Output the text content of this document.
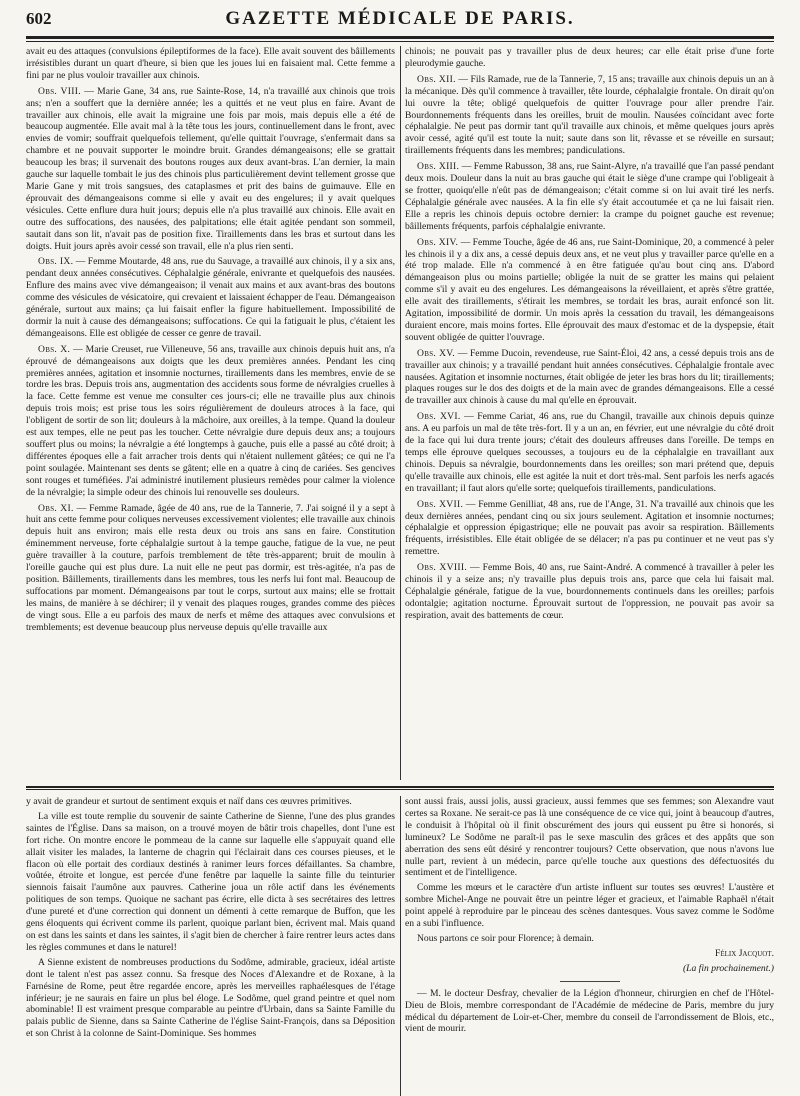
602	GAZETTE MÉDICALE DE PARIS.

avait eu des attaques (convulsions épileptiformes de la face). Elle avait souvent des bâillements irrésistibles durant un quart d'heure, si bien que les joues lui en faisaient mal. Cette femme a fini par ne plus vouloir travailler aux chinois.

Obs. VIII. — Marie Gane, 34 ans, rue Sainte-Rose, 14, n'a travaillé aux chinois que trois ans; n'en a souffert que la dernière année; les a quittés et ne veut plus en faire. Avant de travailler aux chinois, elle avait la migraine une fois par mois, mais depuis elle a été de beaucoup augmentée. Elle avait mal à la tête tous les jours, continuellement dans le front, avec envies de vomir; souffrait quelquefois tellement, qu'elle quittait l'ouvrage, s'enfermait dans sa chambre et ne pouvait supporter le moindre bruit. Grandes démangeaisons; elle se grattait beaucoup les bras; il survenait des boutons rouges aux deux avant-bras. L'an dernier, la main gauche sur laquelle tombait le jus des chinois plus particulièrement devint tellement grosse que Marie Gane y mit trois sangsues, des cataplasmes et prit des bains de guimauve. Elle en éprouvait des démangeaisons comme si elle y avait eu des engelures; il y avait quelques vésicules. Cette enflure dura huit jours; depuis elle n'a plus travaillé aux chinois. Elle avait en outre des suffocations, des nausées, des palpitations; elle était agitée pendant son sommeil, sautait dans son lit, n'avait pas de position fixe. Tiraillements dans les bras et surtout dans les doigts. Huit jours après avoir cessé son travail, elle n'a plus rien senti.

Obs. IX. — Femme Moutarde, 48 ans, rue du Sauvage, a travaillé aux chinois, il y a six ans, pendant deux années consécutives. Céphalalgie générale, enivrante et quelquefois des nausées. Enflure des mains avec vive démangeaison; il venait aux mains et aux avant-bras des boutons comme des vésicules de vésicatoire, qui crevaient et laissaient échapper de l'eau. Démangeaison générale, surtout aux mains; ça lui faisait enfler la figure habituellement. Impossibilité de dormir la nuit à cause des démangeaisons; suffocations. Ce qui la fatiguait le plus, c'étaient les démangeaisons. Elle est obligée de cesser ce genre de travail.

Obs. X. — Marie Creuset, rue Villeneuve, 56 ans, travaille aux chinois depuis huit ans, n'a éprouvé de démangeaisons aux doigts que les deux premières années. Pendant les cinq premières années, agitation et insomnie nocturnes, tiraillements dans les membres, envie de se tordre les bras. Depuis trois ans, augmentation des accidents sous forme de névralgies cruelles à la face. Cette femme est venue me consulter ces jours-ci; elle ne travaille plus aux chinois depuis trois mois; est prise tous les soirs régulièrement de douleurs atroces à la face, qui l'obligent de sortir de son lit; douleurs à la mâchoire, aux oreilles, à la tempe. Quand la douleur est aux tempes, elle ne peut pas les toucher. Cette névralgie dure depuis deux ans; a toujours souffert plus ou moins; la névralgie a été longtemps à gauche, puis elle a passé au côté droit; à différentes époques elle a fait arracher trois dents qui n'étaient nullement gâtées; ce qui ne l'a point soulagée. Maintenant ses dents se gâtent; elle en a quatre à cinq de cariées. Ses gencives sont rouges et tuméfiées. J'ai administré inutilement plusieurs remèdes pour calmer la violence de la névralgie; la simple odeur des chinois lui renouvelle ses douleurs.

Obs. XI. — Femme Ramade, âgée de 40 ans, rue de la Tannerie, 7. J'ai soigné il y a sept à huit ans cette femme pour coliques nerveuses excessivement violentes; elle travaille aux chinois depuis huit ans environ; mais elle resta deux ou trois ans sans en faire. Constitution éminemment nerveuse, forte céphalalgie surtout à la tempe gauche, fatigue de la vue, ne peut guère travailler à la couture, parfois tremblement de tête très-apparent; bruit de moulin à l'oreille gauche qui est plus dure. La nuit elle ne peut pas dormir, est très-agitée, n'a pas de position. Bâillements, tiraillements dans les membres, tous les nerfs lui font mal. Beaucoup de suffocations par moment. Démangeaisons par tout le corps, surtout aux mains; elle se frottait les mains, de manière à se déchirer; il y venait des plaques rouges, grandes comme des pièces de vingt sous. Elle a eu parfois des maux de nerfs et même des attaques avec convulsions et tremblements; est devenue beaucoup plus nerveuse depuis qu'elle travaille aux

chinois; ne pouvait pas y travailler plus de deux heures; car elle était prise d'une forte pleurodymie gauche.

Obs. XII. — Fils Ramade, rue de la Tannerie, 7, 15 ans; travaille aux chinois depuis un an à la mécanique. Dès qu'il commence à travailler, tête lourde, céphalalgie frontale. On dirait qu'on lui ouvre la tête; obligé quelquefois de quitter l'ouvrage pour aller prendre l'air. Bourdonnements fréquents dans les oreilles, bruit de moulin. Nausées coïncidant avec forte céphalalgie. Ne peut pas dormir tant qu'il travaille aux chinois, et même quelques jours après avoir cessé, agité qu'il est toute la nuit; saute dans son lit, rêvasse et se réveille en sursaut; tiraillements fréquents dans les membres; pandiculations.

Obs. XIII. — Femme Rabusson, 38 ans, rue Saint-Alyre, n'a travaillé que l'an passé pendant deux mois. Douleur dans la nuit au bras gauche qui était le siège d'une crampe qui l'obligeait à se frotter, quoiqu'elle n'eût pas de démangeaison; c'était comme si on lui avait tiré les nerfs. Céphalalgie générale avec nausées. A la fin elle s'y était accoutumée et ça ne lui faisait rien. Elle a repris les chinois depuis octobre dernier: la crampe du poignet gauche est revenue; bâillements fréquents, parfois céphalalgie enivrante.

Obs. XIV. — Femme Touche, âgée de 46 ans, rue Saint-Dominique, 20, a commencé à peler les chinois il y a dix ans, a cessé depuis deux ans, et ne veut plus y travailler parce qu'elle en a été trop malade. Elle n'a commencé à en être fatiguée qu'au bout cinq ans. D'abord démangeaison plus ou moins partielle; obligée la nuit de se gratter les mains qui pelaient comme s'il y avait eu des engelures. Les démangeaisons la réveillaient, et après s'être grattée, elle avait des tiraillements, s'étirait les membres, se tordait les bras, aurait enfoncé son lit. Agitation, impossibilité de dormir. Un mois après la cessation du travail, les démangeaisons duraient encore, mais moins fortes. Elle éprouvait des maux d'estomac et de la dyspepsie, était souvent obligée de quitter l'ouvrage.

Obs. XV. — Femme Ducoin, revendeuse, rue Saint-Éloi, 42 ans, a cessé depuis trois ans de travailler aux chinois; y a travaillé pendant huit années consécutives. Céphalalgie frontale avec nausées. Agitation et insomnie nocturnes, était obligée de jeter les bras hors du lit; tiraillements; plaques rouges sur le dos des doigts et de la main avec de grandes démangeaisons. Elle a cessé de travailler aux chinois à cause du mal qu'elle en éprouvait.

Obs. XVI. — Femme Cariat, 46 ans, rue du Changil, travaille aux chinois depuis quinze ans. A eu parfois un mal de tête très-fort. Il y a un an, en février, eut une névralgie du côté droit de la face qui lui dura trente jours; c'était des douleurs affreuses dans l'oreille. De temps en temps elle éprouve quelques secousses, a toujours eu de la céphalalgie en travaillant aux chinois. Depuis sa névralgie, bourdonnements dans les oreilles; son mari prétend que, depuis qu'elle travaille aux chinois, elle est agitée la nuit et dort très-mal. Sent parfois les nerfs agacés en travaillant; il faut alors qu'elle sorte; quelquefois tiraillements, pandiculations.

Obs. XVII. — Femme Genilliat, 48 ans, rue de l'Ange, 31. N'a travaillé aux chinois que les deux dernières années, pendant cinq ou six jours seulement. Agitation et insomnie nocturnes; céphalalgie et oppression épigastrique; elle ne pouvait pas avoir sa respiration. Bâillements fréquents, irrésistibles. Elle était obligée de se délacer; n'a pas pu continuer et ne veut pas s'y remettre.

Obs. XVIII. — Femme Bois, 40 ans, rue Saint-André. A commencé à travailler à peler les chinois il y a seize ans; n'y travaille plus depuis trois ans, parce que cela lui faisait mal. Céphalalgie générale, fatigue de la vue, bourdonnements continuels dans les oreilles; parfois odontalgie; agitation nocturne. Éprouvait surtout de l'oppression, ne pouvait pas avoir sa respiration, avait des battements de cœur.

y avait de grandeur et surtout de sentiment exquis et naïf dans ces œuvres primitives.

La ville est toute remplie du souvenir de sainte Catherine de Sienne, l'une des plus grandes saintes de l'Église. Dans sa maison, on a trouvé moyen de bâtir trois chapelles, dont l'une est fort riche. On montre encore le pommeau de la canne sur laquelle elle s'appuyait quand elle allait visiter les malades, la lanterne de chagrin qui l'éclairait dans ces courses pieuses, et le flacon où elle portait des cordiaux destinés à ranimer leurs forces défaillantes. Sa chambre, voûtée, étroite et longue, est percée d'une fenêtre par laquelle la sainte fille du teinturier siennois faisait l'aumône aux pauvres. Catherine joua un rôle actif dans les événements politiques de son temps. Quoique ne sachant pas écrire, elle dicta à ses secrétaires des lettres d'une pureté et d'une correction qui donnent un démenti à cette remarque de Buffon, que les gens éloquents qui écrivent comme ils parlent, quoique parlant bien, écrivent mal. Mais quand on est dans les saints et dans les saintes, il s'agit bien de chercher à faire rentrer leurs actes dans les règles communes et dans le naturel!

A Sienne existent de nombreuses productions du Sodôme, admirable, gracieux, idéal artiste dont le talent n'est pas assez connu. Sa fresque des Noces d'Alexandre et de Roxane, à la Farnésine de Rome, peut être regardée encore, après les merveilles raphaélesques de l'étage inférieur; je ne saurais en faire un plus bel éloge. Le Sodôme, quel grand peintre et quel nom abominable! Il est vraiment presque comparable au peintre d'Urbain, dans sa Sainte Famille du palais public de Sienne, dans sa Sainte Catherine de l'église Saint-François, dans sa Déposition et son Christ à la colonne de Saint-Dominique. Ses hommes

sont aussi frais, aussi jolis, aussi gracieux, aussi femmes que ses femmes; son Alexandre vaut certes sa Roxane. Ne serait-ce pas là une conséquence de ce vice qui, joint à beaucoup d'autres, le conduisit à l'hôpital où il finit obscurément des jours qui eussent pu être si honorés, si lumineux? Le Sodôme ne paraît-il pas le sexe masculin des grâces et des appâts que son aberration des sens eût désiré y rencontrer toujours? Cette observation, que nous n'avons lue nulle part, revient à un médecin, parce qu'elle touche aux questions des défectuosités du sentiment et de l'intelligence.

Comme les mœurs et le caractère d'un artiste influent sur toutes ses œuvres! L'austère et sombre Michel-Ange ne pouvait être un peintre léger et gracieux, et l'aimable Raphaël n'était point appelé à reproduire par le pinceau des scènes dantesques. Vous savez comme le Sodôme en a subi l'influence.

Nous partons ce soir pour Florence; à demain.

Félix Jacquot.

(La fin prochainement.)

— M. le docteur Desfray, chevalier de la Légion d'honneur, chirurgien en chef de l'Hôtel-Dieu de Blois, membre correspondant de l'Académie de médecine de Paris, membre du jury médical du département de Loir-et-Cher, membre du conseil de l'arrondissement de Blois, etc., vient de mourir.
